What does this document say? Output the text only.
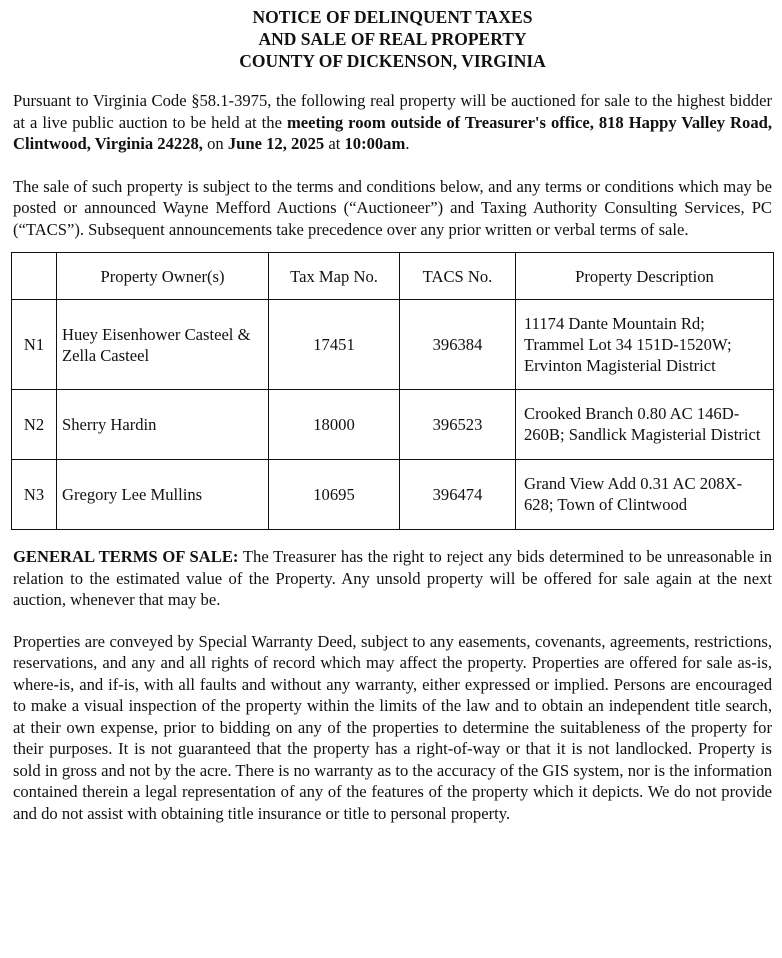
NOTICE OF DELINQUENT TAXES

AND SALE OF REAL PROPERTY

COUNTY OF DICKENSON, VIRGINIA

Pursuant to Virginia Code §58.1-3975, the following real property will be auctioned for sale to the highest bidder at a live public auction to be held at the meeting room outside of Treasurer's office, 818 Happy Valley Road, Clintwood, Virginia 24228, on June 12, 2025 at 10:00am.

The sale of such property is subject to the terms and conditions below, and any terms or conditions which may be posted or announced Wayne Mefford Auctions (“Auctioneer”) and Taxing Authority Consulting Services, PC (“TACS”). Subsequent announcements take precedence over any prior written or verbal terms of sale.

	Property Owner(s)	Tax Map No.	TACS No.	Property Description
N1	Huey Eisenhower Casteel & Zella Casteel	17451	396384	11174 Dante Mountain Rd; Trammel Lot 34 151D-1520W; Ervinton Magisterial District
N2	Sherry Hardin	18000	396523	Crooked Branch 0.80 AC 146D-260B; Sandlick Magisterial District
N3	Gregory Lee Mullins	10695	396474	Grand View Add 0.31 AC 208X-628; Town of Clintwood

GENERAL TERMS OF SALE: The Treasurer has the right to reject any bids determined to be unreasonable in relation to the estimated value of the Property. Any unsold property will be offered for sale again at the next auction, whenever that may be.

Properties are conveyed by Special Warranty Deed, subject to any easements, covenants, agreements, restrictions, reservations, and any and all rights of record which may affect the property. Properties are offered for sale as-is, where-is, and if-is, with all faults and without any warranty, either expressed or implied. Persons are encouraged to make a visual inspection of the property within the limits of the law and to obtain an independent title search, at their own expense, prior to bidding on any of the properties to determine the suitableness of the property for their purposes. It is not guaranteed that the property has a right-of-way or that it is not landlocked. Property is sold in gross and not by the acre. There is no warranty as to the accuracy of the GIS system, nor is the information contained therein a legal representation of any of the features of the property which it depicts. We do not provide and do not assist with obtaining title insurance or title to personal property.
